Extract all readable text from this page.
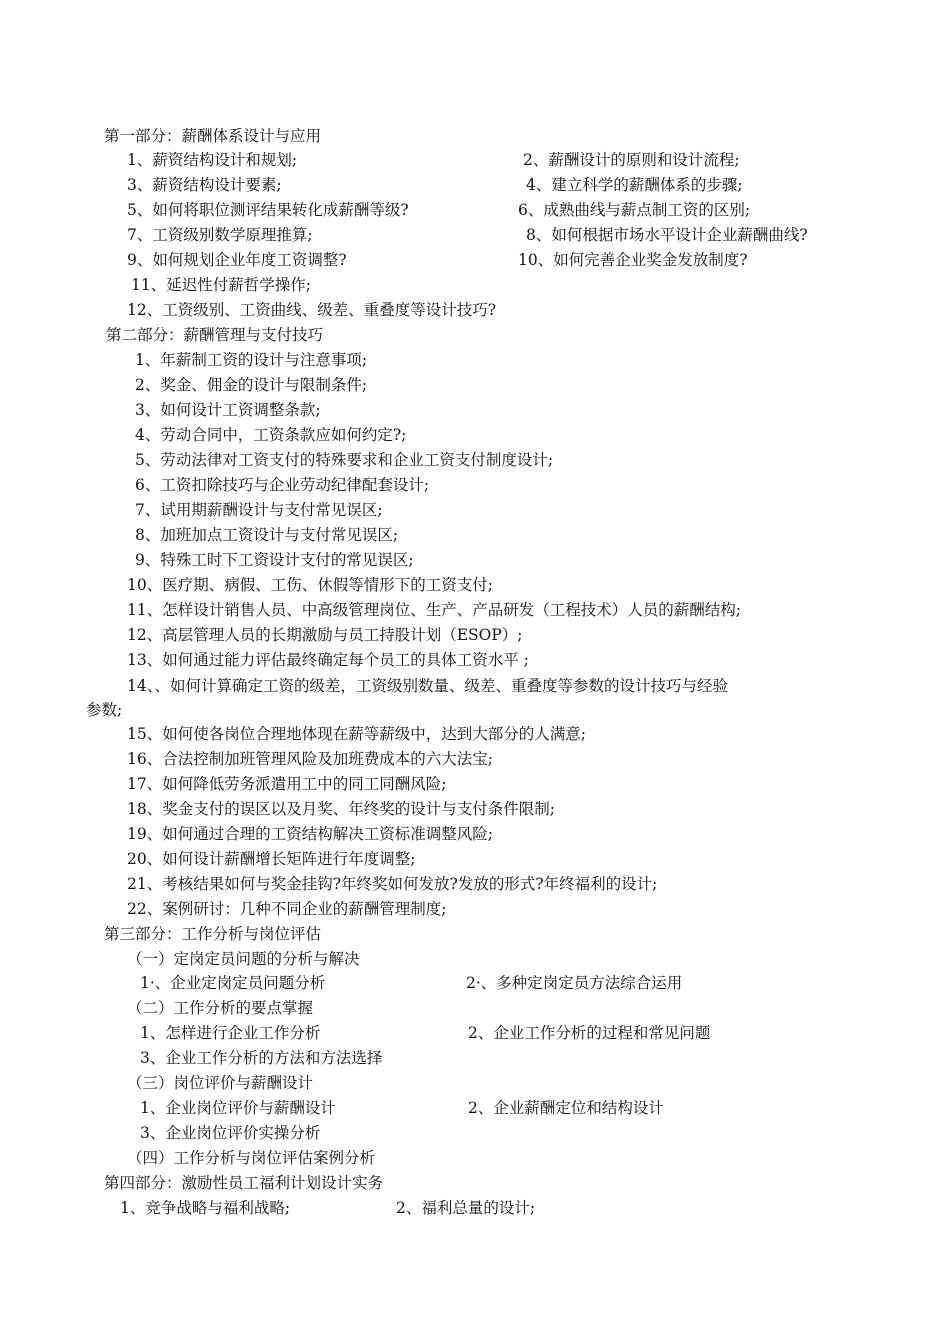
第一部分：薪酬体系设计与应用
1、薪资结构设计和规划;	2、薪酬设计的原则和设计流程;
3、薪资结构设计要素;	4、建立科学的薪酬体系的步骤;
5、如何将职位测评结果转化成薪酬等级?	6、成熟曲线与薪点制工资的区别;
7、工资级别数学原理推算;	8、如何根据市场水平设计企业薪酬曲线?
9、如何规划企业年度工资调整?	10、如何完善企业奖金发放制度?
11、延迟性付薪哲学操作;
12、工资级别、工资曲线、级差、重叠度等设计技巧?
第二部分：薪酬管理与支付技巧
1、年薪制工资的设计与注意事项;
2、奖金、佣金的设计与限制条件;
3、如何设计工资调整条款;
4、劳动合同中，工资条款应如何约定?;
5、劳动法律对工资支付的特殊要求和企业工资支付制度设计;
6、工资扣除技巧与企业劳动纪律配套设计;
7、试用期薪酬设计与支付常见误区;
8、加班加点工资设计与支付常见误区;
9、特殊工时下工资设计支付的常见误区;
10、医疗期、病假、工伤、休假等情形下的工资支付;
11、怎样设计销售人员、中高级管理岗位、生产、产品研发（工程技术）人员的薪酬结构;
12、高层管理人员的长期激励与员工持股计划（ESOP）;
13、如何通过能力评估最终确定每个员工的具体工资水平 ;
14、、如何计算确定工资的级差，工资级别数量、级差、重叠度等参数的设计技巧与经验
参数;
15、如何使各岗位合理地体现在薪等薪级中，达到大部分的人满意;
16、合法控制加班管理风险及加班费成本的六大法宝;
17、如何降低劳务派遣用工中的同工同酬风险;
18、奖金支付的误区以及月奖、年终奖的设计与支付条件限制;
19、如何通过合理的工资结构解决工资标准调整风险;
20、如何设计薪酬增长矩阵进行年度调整;
21、考核结果如何与奖金挂钩?年终奖如何发放?发放的形式?年终福利的设计;
22、案例研讨：几种不同企业的薪酬管理制度;
第三部分：工作分析与岗位评估
（一）定岗定员问题的分析与解决
1·、企业定岗定员问题分析	2·、多种定岗定员方法综合运用
（二）工作分析的要点掌握
1、怎样进行企业工作分析	2、企业工作分析的过程和常见问题
3、企业工作分析的方法和方法选择
（三）岗位评价与薪酬设计
1、企业岗位评价与薪酬设计	2、企业薪酬定位和结构设计
3、企业岗位评价实操分析
（四）工作分析与岗位评估案例分析
第四部分：激励性员工福利计划设计实务
1、竞争战略与福利战略;	2、福利总量的设计;
